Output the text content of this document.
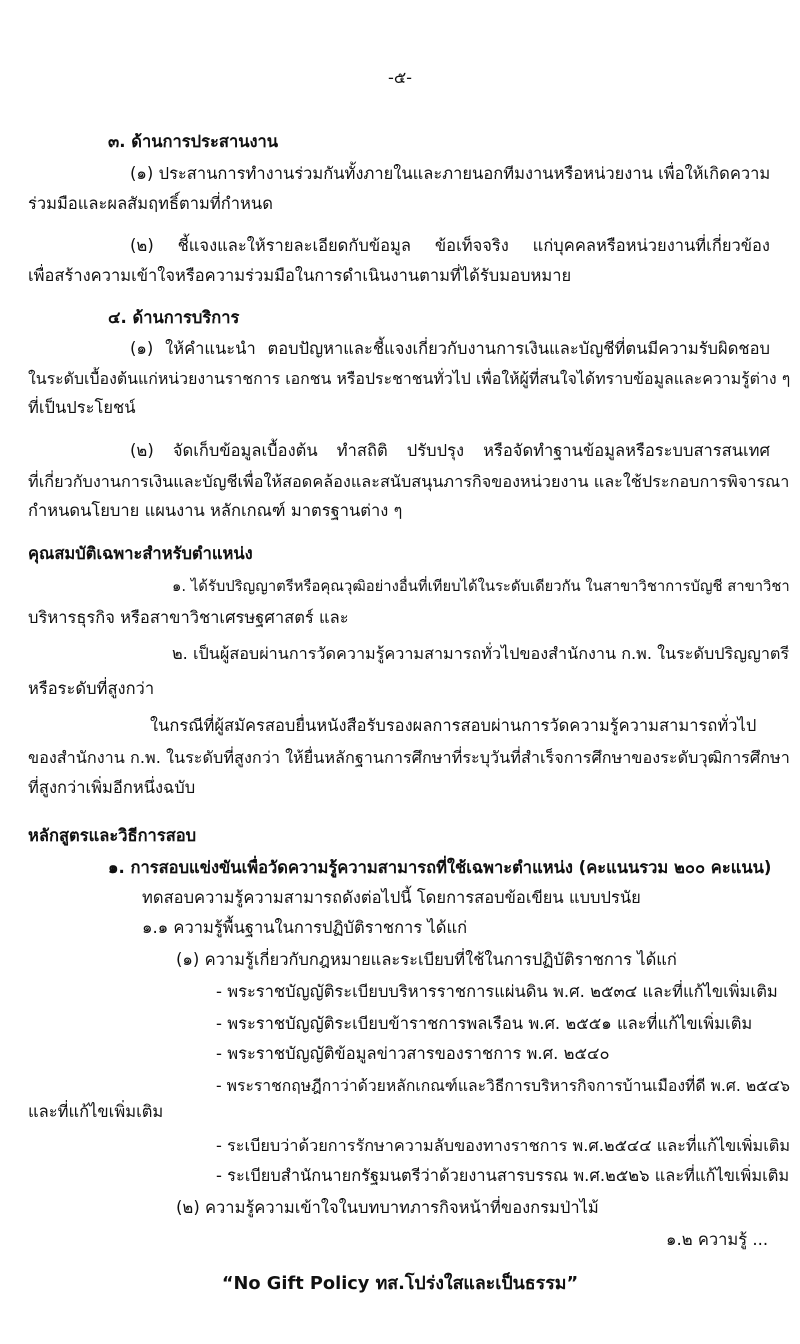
-๕-
๓. ด้านการประสานงาน
(๑) ประสานการทำงานร่วมกันทั้งภายในและภายนอกทีมงานหรือหน่วยงาน เพื่อให้เกิดความ
ร่วมมือและผลสัมฤทธิ์ตามที่กำหนด
(๒) ชี้แจงและให้รายละเอียดกับข้อมูล ข้อเท็จจริง แก่บุคคลหรือหน่วยงานที่เกี่ยวข้อง
เพื่อสร้างความเข้าใจหรือความร่วมมือในการดำเนินงานตามที่ได้รับมอบหมาย
๔. ด้านการบริการ
(๑) ให้คำแนะนำ ตอบปัญหาและชี้แจงเกี่ยวกับงานการเงินและบัญชีที่ตนมีความรับผิดชอบ
ในระดับเบื้องต้นแก่หน่วยงานราชการ เอกชน หรือประชาชนทั่วไป เพื่อให้ผู้ที่สนใจได้ทราบข้อมูลและความรู้ต่าง ๆ
ที่เป็นประโยชน์
(๒) จัดเก็บข้อมูลเบื้องต้น ทำสถิติ ปรับปรุง หรือจัดทำฐานข้อมูลหรือระบบสารสนเทศ
ที่เกี่ยวกับงานการเงินและบัญชีเพื่อให้สอดคล้องและสนับสนุนภารกิจของหน่วยงาน และใช้ประกอบการพิจารณา
กำหนดนโยบาย แผนงาน หลักเกณฑ์ มาตรฐานต่าง ๆ
คุณสมบัติเฉพาะสำหรับตำแหน่ง
๑. ได้รับปริญญาตรีหรือคุณวุฒิอย่างอื่นที่เทียบได้ในระดับเดียวกัน ในสาขาวิชาการบัญชี สาขาวิชา
บริหารธุรกิจ หรือสาขาวิชาเศรษฐศาสตร์ และ
๒. เป็นผู้สอบผ่านการวัดความรู้ความสามารถทั่วไปของสำนักงาน ก.พ. ในระดับปริญญาตรี
หรือระดับที่สูงกว่า
ในกรณีที่ผู้สมัครสอบยื่นหนังสือรับรองผลการสอบผ่านการวัดความรู้ความสามารถทั่วไป
ของสำนักงาน ก.พ. ในระดับที่สูงกว่า ให้ยื่นหลักฐานการศึกษาที่ระบุวันที่สำเร็จการศึกษาของระดับวุฒิการศึกษา
ที่สูงกว่าเพิ่มอีกหนึ่งฉบับ
หลักสูตรและวิธีการสอบ
๑. การสอบแข่งขันเพื่อวัดความรู้ความสามารถที่ใช้เฉพาะตำแหน่ง (คะแนนรวม ๒๐๐ คะแนน)
ทดสอบความรู้ความสามารถดังต่อไปนี้ โดยการสอบข้อเขียน แบบปรนัย
๑.๑ ความรู้พื้นฐานในการปฏิบัติราชการ ได้แก่
(๑) ความรู้เกี่ยวกับกฎหมายและระเบียบที่ใช้ในการปฏิบัติราชการ ได้แก่
- พระราชบัญญัติระเบียบบริหารราชการแผ่นดิน พ.ศ. ๒๕๓๔ และที่แก้ไขเพิ่มเติม
- พระราชบัญญัติระเบียบข้าราชการพลเรือน พ.ศ. ๒๕๕๑ และที่แก้ไขเพิ่มเติม
- พระราชบัญญัติข้อมูลข่าวสารของราชการ พ.ศ. ๒๕๔๐
- พระราชกฤษฎีกาว่าด้วยหลักเกณฑ์และวิธีการบริหารกิจการบ้านเมืองที่ดี พ.ศ. ๒๕๔๖
และที่แก้ไขเพิ่มเติม
- ระเบียบว่าด้วยการรักษาความลับของทางราชการ พ.ศ.๒๕๔๔ และที่แก้ไขเพิ่มเติม
- ระเบียบสำนักนายกรัฐมนตรีว่าด้วยงานสารบรรณ พ.ศ.๒๕๒๖ และที่แก้ไขเพิ่มเติม
(๒) ความรู้ความเข้าใจในบทบาทภารกิจหน้าที่ของกรมป่าไม้
๑.๒ ความรู้ ...
“No Gift Policy ทส.โปร่งใสและเป็นธรรม”
